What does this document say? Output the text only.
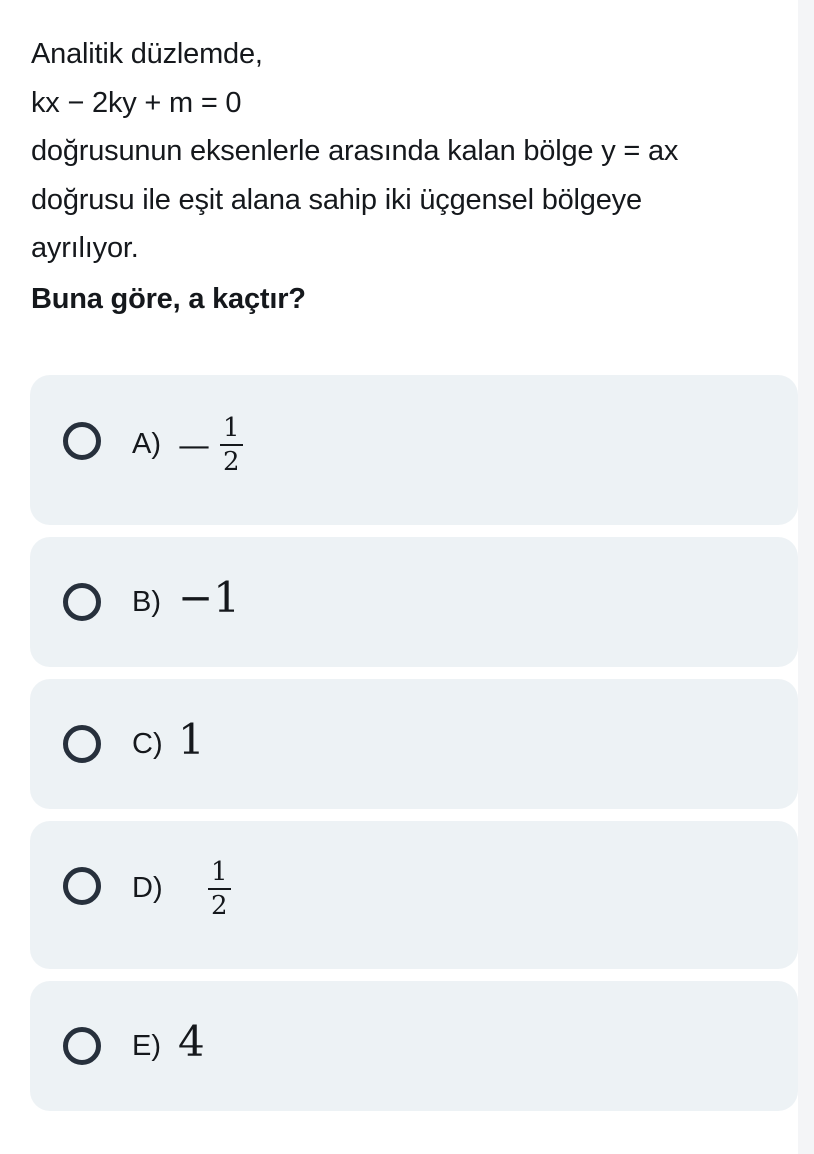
Analitik düzlemde,
kx − 2ky + m = 0
doğrusunun eksenlerle arasında kalan bölge y = ax
doğrusu ile eşit alana sahip iki üçgensel bölgeye
ayrılıyor.
Buna göre, a kaçtır?
A) — $\frac{1}{2}$
B) −1
C) 1
$D) \frac{1}{2}$
E) 4
